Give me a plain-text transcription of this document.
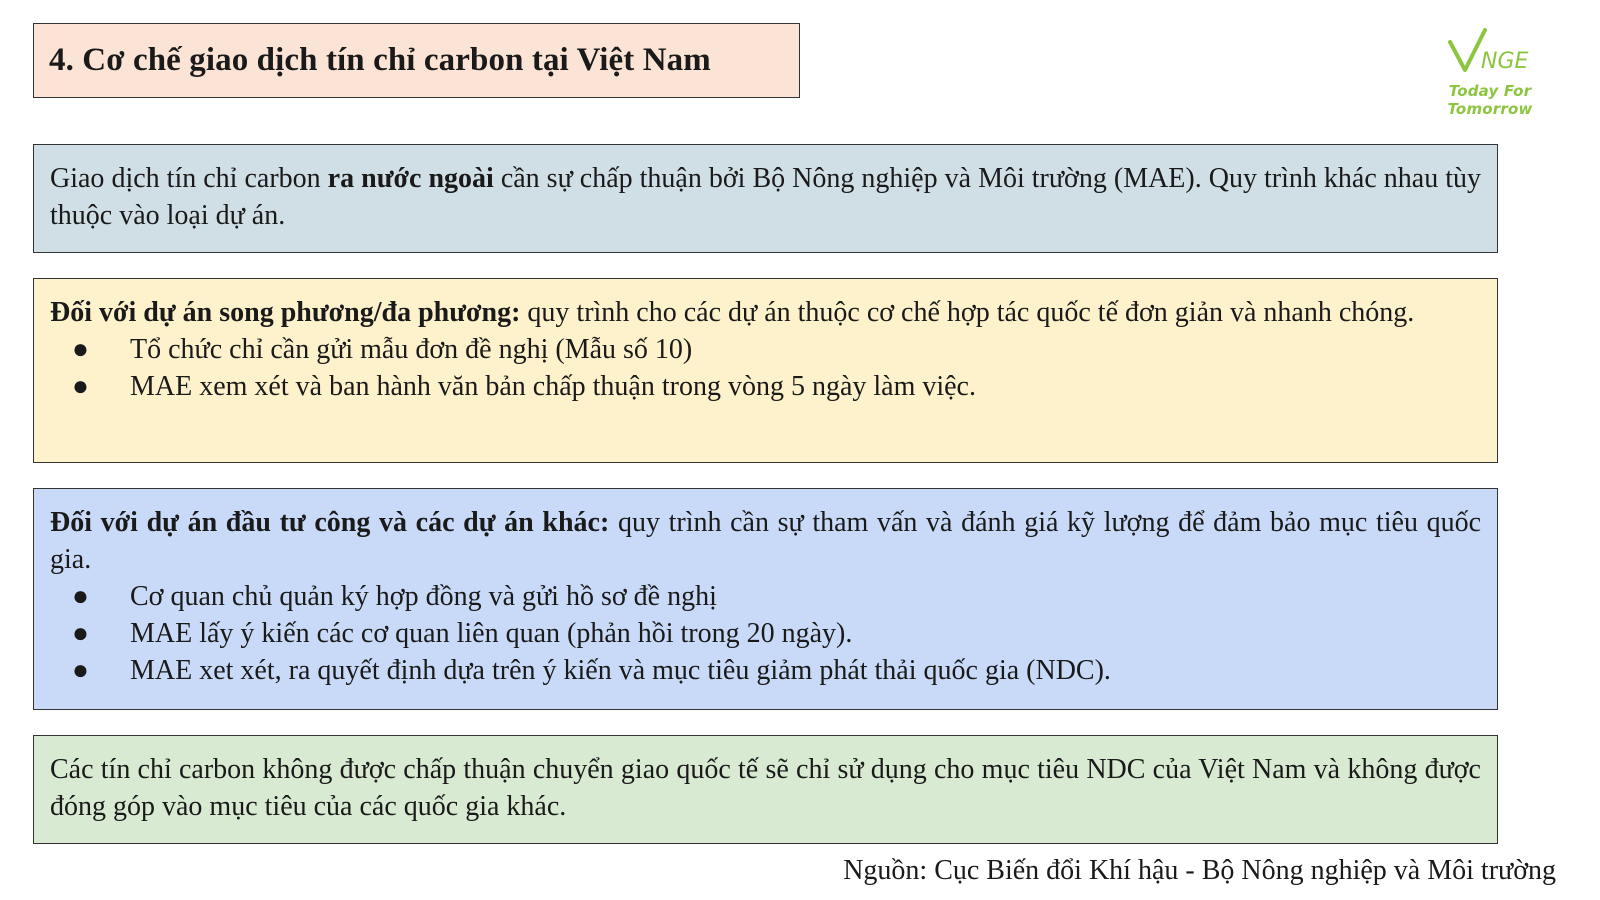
4. Cơ chế giao dịch tín chỉ carbon tại Việt Nam	NGE
Today For Tomorrow

Giao dịch tín chỉ carbon ra nước ngoài cần sự chấp thuận bởi Bộ Nông nghiệp và Môi trường (MAE). Quy trình khác nhau tùy thuộc vào loại dự án.

Đối với dự án song phương/đa phương: quy trình cho các dự án thuộc cơ chế hợp tác quốc tế đơn giản và nhanh chóng.

● Tổ chức chỉ cần gửi mẫu đơn đề nghị (Mẫu số 10)
● MAE xem xét và ban hành văn bản chấp thuận trong vòng 5 ngày làm việc.

Đối với dự án đầu tư công và các dự án khác: quy trình cần sự tham vấn và đánh giá kỹ lượng để đảm bảo mục tiêu quốc gia.

● Cơ quan chủ quản ký hợp đồng và gửi hồ sơ đề nghị
● MAE lấy ý kiến các cơ quan liên quan (phản hồi trong 20 ngày).
● MAE xet xét, ra quyết định dựa trên ý kiến và mục tiêu giảm phát thải quốc gia (NDC).

Các tín chỉ carbon không được chấp thuận chuyển giao quốc tế sẽ chỉ sử dụng cho mục tiêu NDC của Việt Nam và không được đóng góp vào mục tiêu của các quốc gia khác.

Nguồn: Cục Biến đổi Khí hậu - Bộ Nông nghiệp và Môi trường
